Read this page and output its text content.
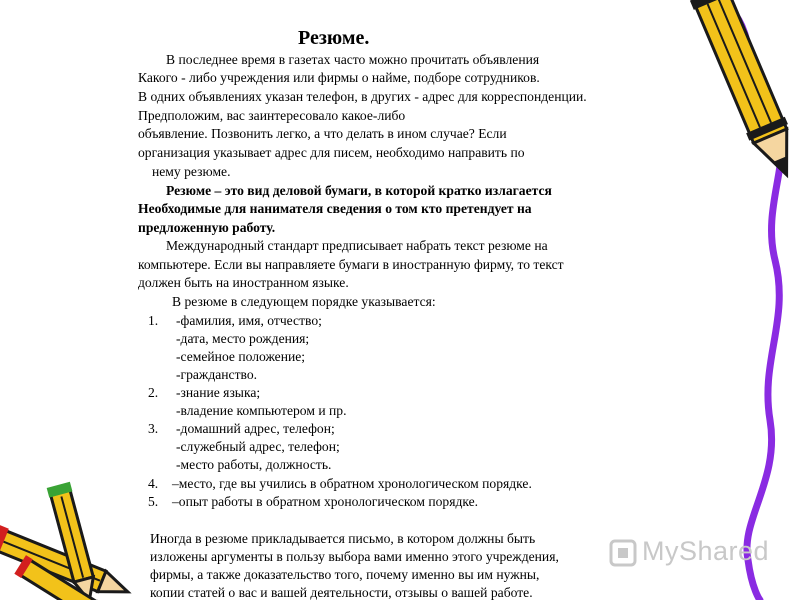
Резюме.
В последнее время в газетах часто можно прочитать объявления
Какого - либо учреждения или фирмы о найме, подборе сотрудников.
В одних объявлениях указан телефон, в других - адрес для корреспонденции.
Предположим, вас заинтересовало какое-либо
объявление. Позвонить легко, а что делать в ином случае? Если
организация указывает адрес для писем, необходимо направить по
нему резюме.
Резюме – это вид деловой бумаги, в которой кратко излагается
Необходимые для нанимателя сведения о том кто претендует на
предложенную работу.
Международный стандарт предписывает набрать текст резюме на
компьютере. Если вы направляете бумаги в иностранную фирму, то текст
должен быть на иностранном языке.
В резюме в следующем порядке указывается:
1. -фамилия, имя, отчество;
-дата, место рождения;
-семейное положение;
-гражданство.
2. -знание языка;
-владение компьютером и пр.
3. -домашний адрес, телефон;
-служебный адрес, телефон;
-место работы, должность.
4. –место, где вы учились в обратном хронологическом порядке.
5. –опыт работы в обратном хронологическом порядке.
Иногда в резюме прикладывается письмо, в котором должны быть
изложены аргументы в пользу выбора вами именно этого учреждения,
фирмы, а также доказательство того, почему именно вы им нужны,
копии статей о вас и вашей деятельности, отзывы о вашей работе.
MyShared
